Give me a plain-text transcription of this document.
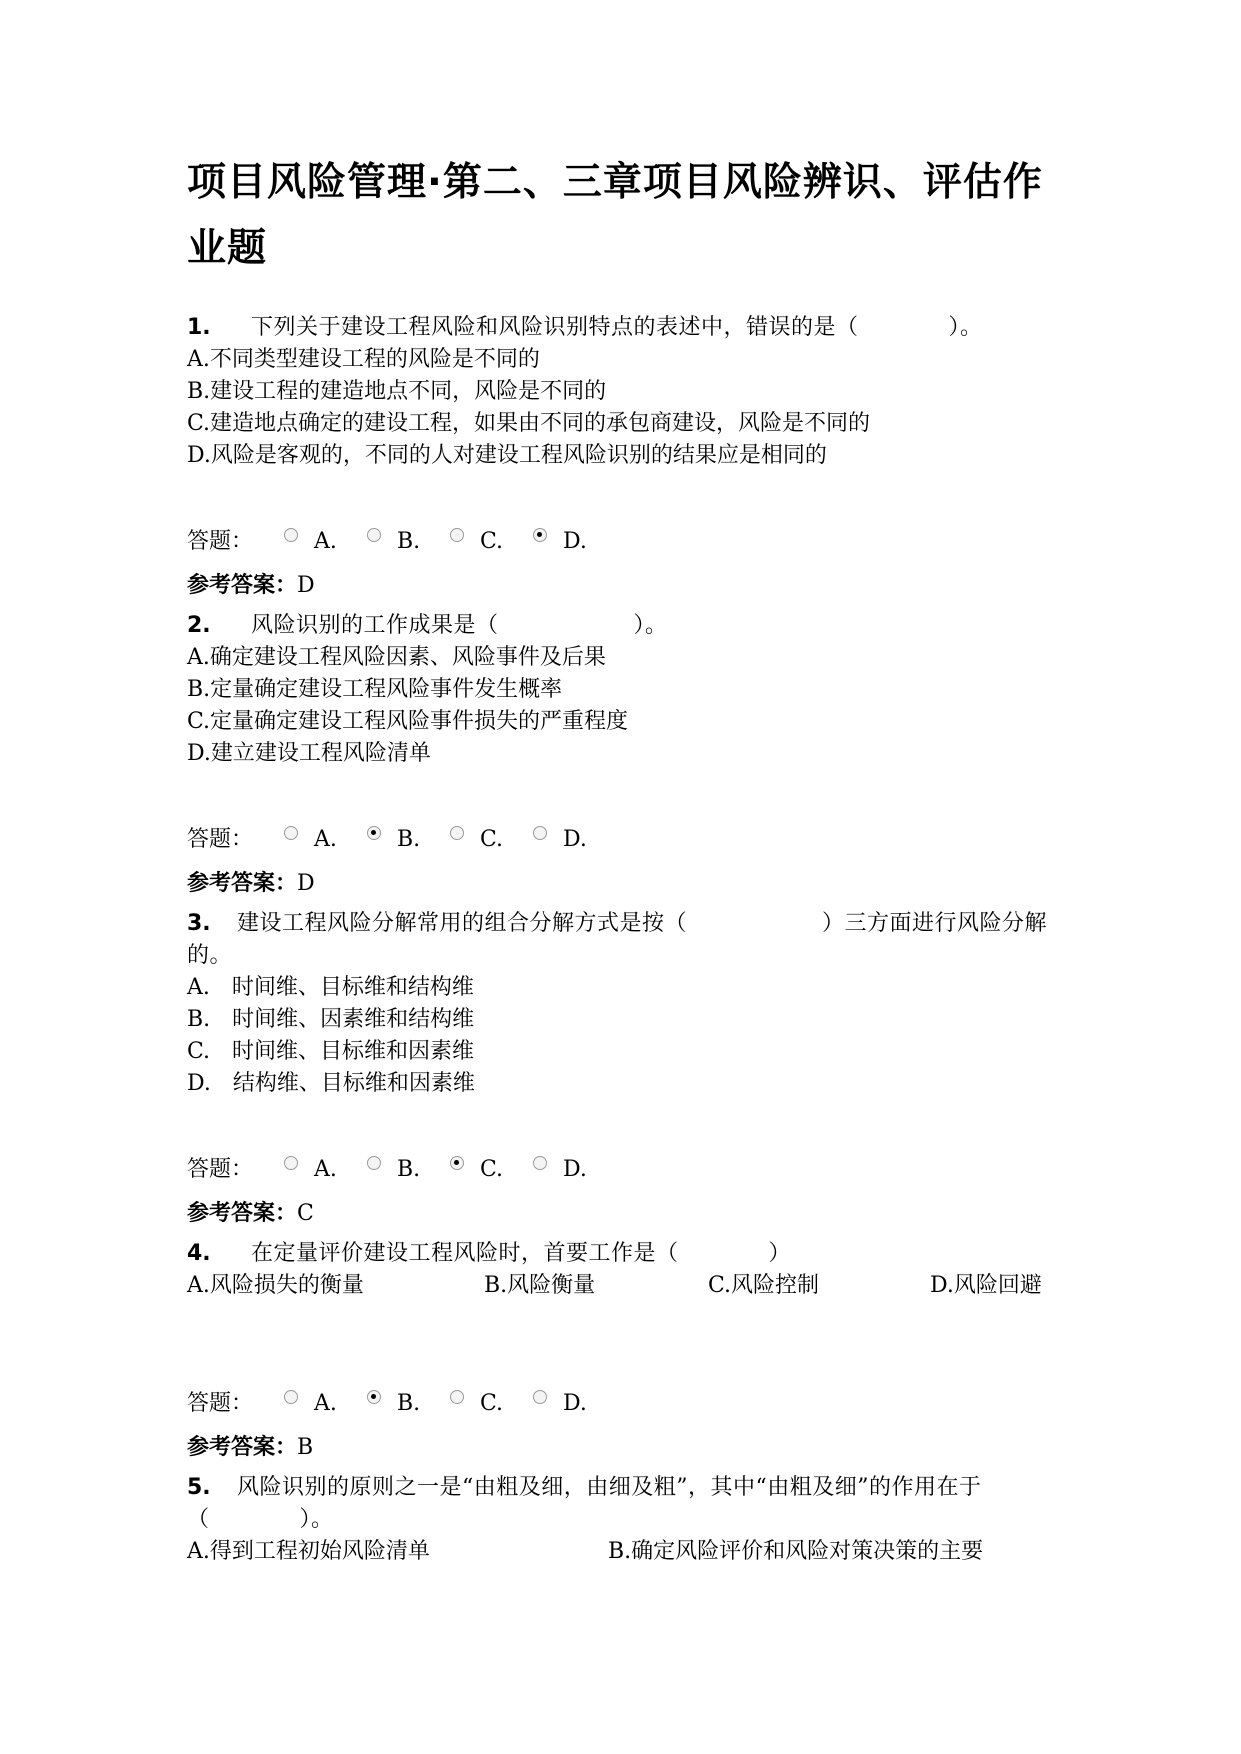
项目风险管理·第二、三章项目风险辨识、评估作业题
1. 下列关于建设工程风险和风险识别特点的表述中，错误的是（　　　　）。
A.不同类型建设工程的风险是不同的
B.建设工程的建造地点不同，风险是不同的
C.建造地点确定的建设工程，如果由不同的承包商建设，风险是不同的
D.风险是客观的，不同的人对建设工程风险识别的结果应是相同的
答题：	A.	B.	C.	D.
参考答案：D
2. 风险识别的工作成果是（　　　　　　）。
A.确定建设工程风险因素、风险事件及后果
B.定量确定建设工程风险事件发生概率
C.定量确定建设工程风险事件损失的严重程度
D.建立建设工程风险清单
答题：	A.	B.	C.	D.
参考答案：D
3. 建设工程风险分解常用的组合分解方式是按（　　　　　　）三方面进行风险分解的。
A.　时间维、目标维和结构维
B.　时间维、因素维和结构维
C.　时间维、目标维和因素维
D.　结构维、目标维和因素维
答题：	A.	B.	C.	D.
参考答案：C
4. 在定量评价建设工程风险时，首要工作是（　　　　）
A.风险损失的衡量	B.风险衡量	C.风险控制	D.风险回避
答题：	A.	B.	C.	D.
参考答案：B
5. 风险识别的原则之一是“由粗及细，由细及粗”，其中“由粗及细”的作用在于（　　　　）。
A.得到工程初始风险清单	B.确定风险评价和风险对策决策的主要
